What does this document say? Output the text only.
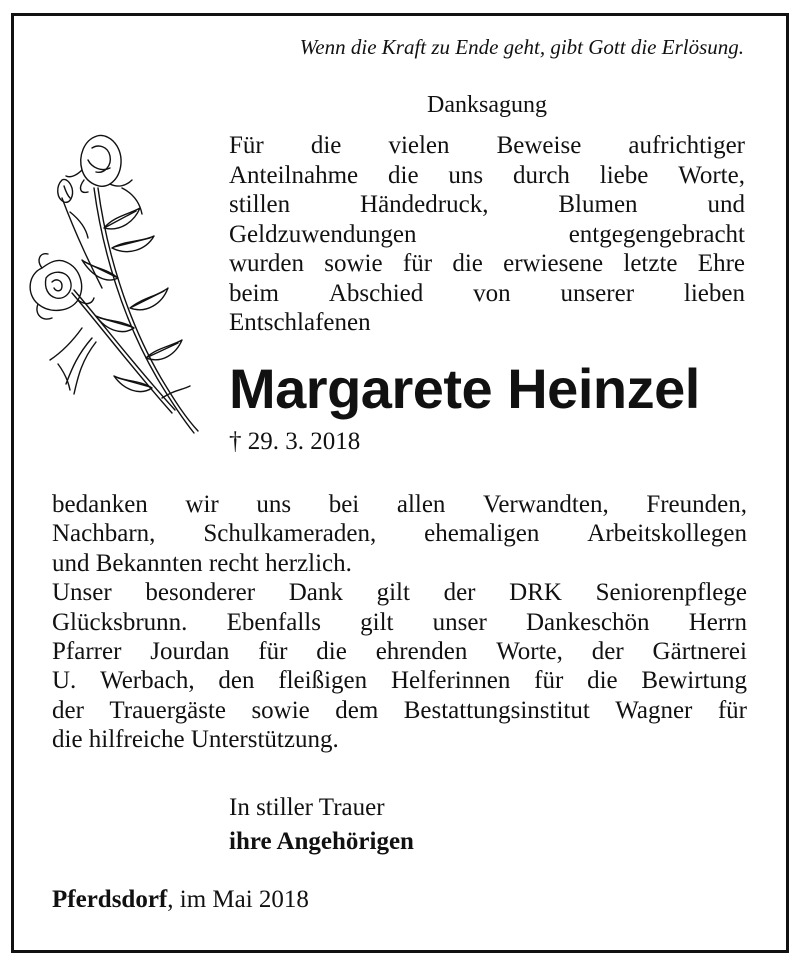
Wenn die Kraft zu Ende geht, gibt Gott die Erlösung.
Danksagung
Für die vielen Beweise aufrichtiger
Anteilnahme die uns durch liebe Worte,
stillen	Händedruck,	Blumen	und
Geldzuwendungen	entgegengebracht
wurden sowie für die erwiesene letzte Ehre
beim Abschied von unserer lieben
Entschlafenen
Margarete Heinzel
† 29. 3. 2018
bedanken wir uns bei allen Verwandten, Freunden,
Nachbarn, Schulkameraden, ehemaligen Arbeitskollegen
und Bekannten recht herzlich.
Unser besonderer Dank gilt der DRK Seniorenpflege
Glücksbrunn. Ebenfalls gilt unser Dankeschön Herrn
Pfarrer Jourdan für die ehrenden Worte, der Gärtnerei
U. Werbach, den fleißigen Helferinnen für die Bewirtung
der Trauergäste sowie dem Bestattungsinstitut Wagner für
die hilfreiche Unterstützung.
In stiller Trauer
ihre Angehörigen
Pferdsdorf, im Mai 2018
